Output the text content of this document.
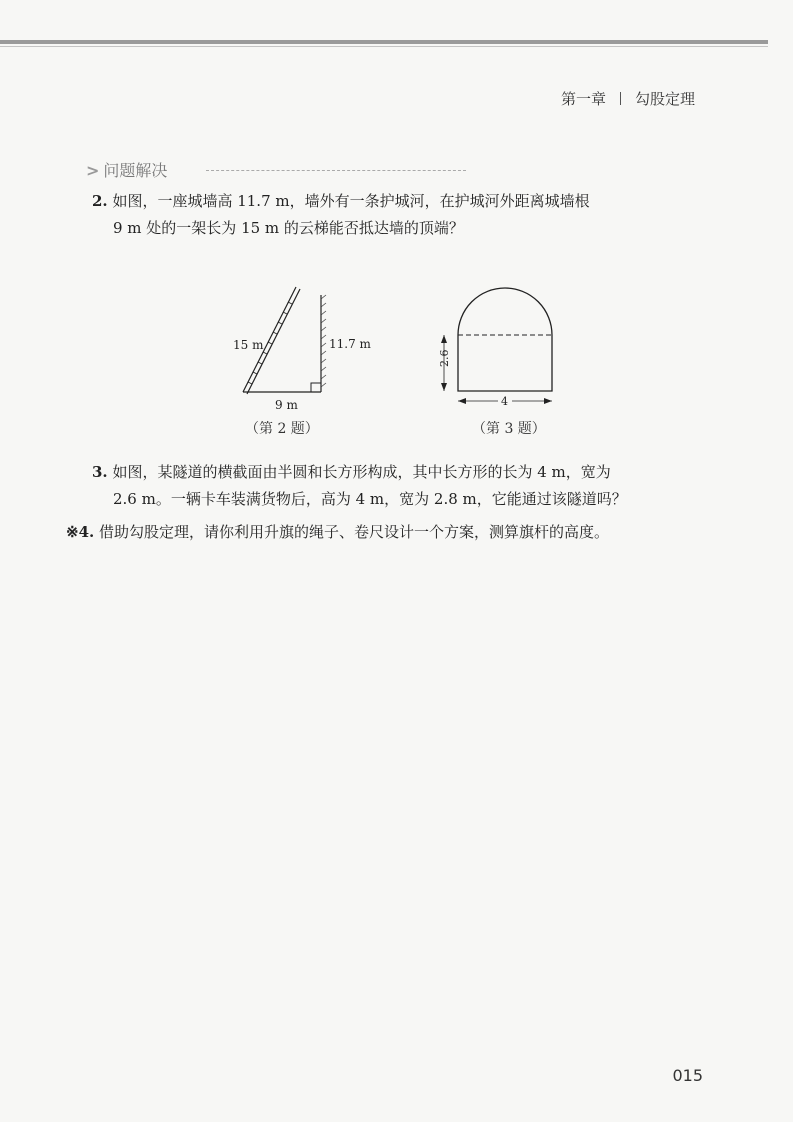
第一章 勾股定理
> 问题解决
2. 如图，一座城墙高 11.7 m，墙外有一条护城河，在护城河外距离城墙根
9 m 处的一架长为 15 m 的云梯能否抵达墙的顶端？
15 m	11.7 m
9 m
（第 2 题）
2.6
4
（第 3 题）
3. 如图，某隧道的横截面由半圆和长方形构成，其中长方形的长为 4 m，宽为
2.6 m。一辆卡车装满货物后，高为 4 m，宽为 2.8 m，它能通过该隧道吗？
※4. 借助勾股定理，请你利用升旗的绳子、卷尺设计一个方案，测算旗杆的高度。
015
